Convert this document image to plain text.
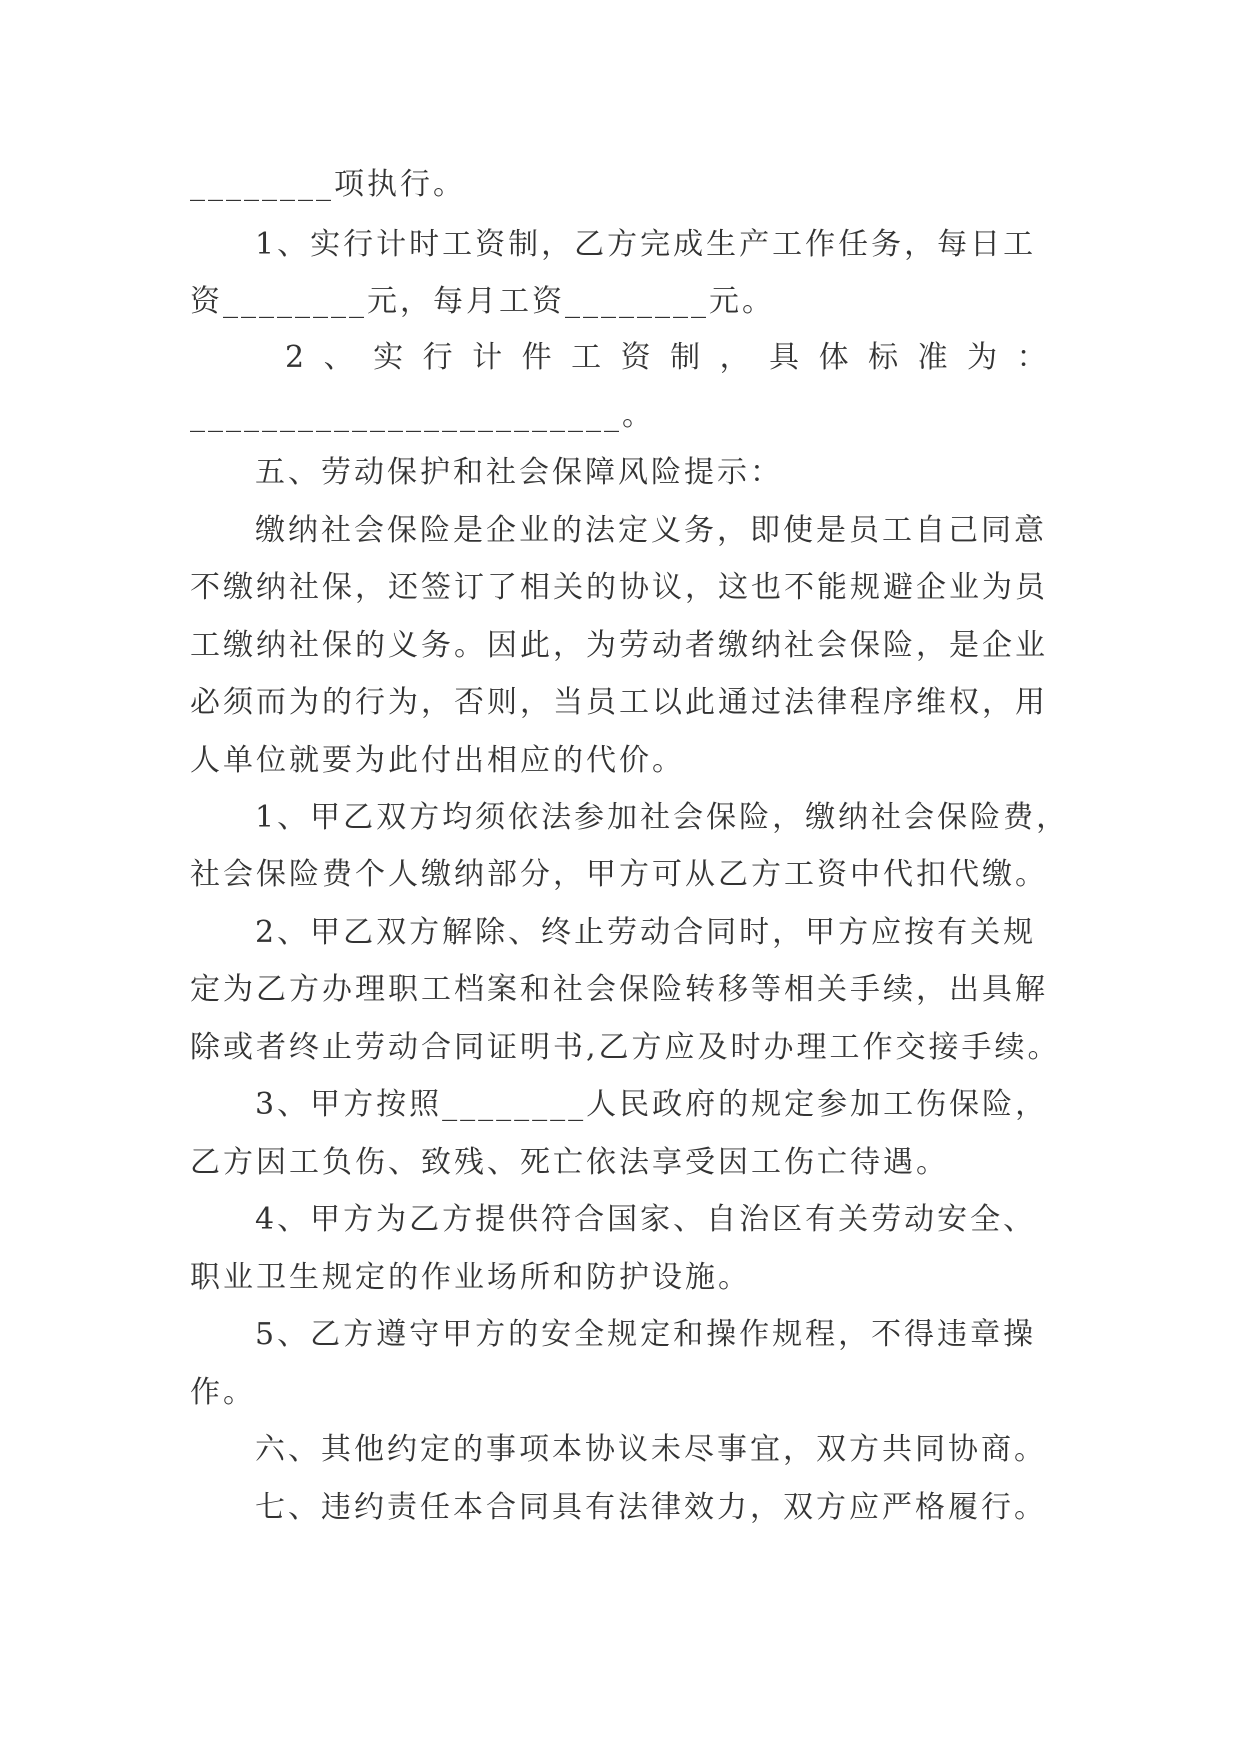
________项执行。
1、实行计时工资制，乙方完成生产工作任务，每日工
资________元，每月工资________元。
2、实行计件工资制，具体标准为：
________________________。
五、劳动保护和社会保障风险提示：
缴纳社会保险是企业的法定义务，即使是员工自己同意
不缴纳社保，还签订了相关的协议，这也不能规避企业为员
工缴纳社保的义务。因此，为劳动者缴纳社会保险，是企业
必须而为的行为，否则，当员工以此通过法律程序维权，用
人单位就要为此付出相应的代价。
1、甲乙双方均须依法参加社会保险，缴纳社会保险费，
社会保险费个人缴纳部分，甲方可从乙方工资中代扣代缴。
2、甲乙双方解除、终止劳动合同时，甲方应按有关规
定为乙方办理职工档案和社会保险转移等相关手续，出具解
除或者终止劳动合同证明书,乙方应及时办理工作交接手续。
3、甲方按照________人民政府的规定参加工伤保险，
乙方因工负伤、致残、死亡依法享受因工伤亡待遇。
4、甲方为乙方提供符合国家、自治区有关劳动安全、
职业卫生规定的作业场所和防护设施。
5、乙方遵守甲方的安全规定和操作规程，不得违章操
作。
六、其他约定的事项本协议未尽事宜，双方共同协商。
七、违约责任本合同具有法律效力，双方应严格履行。
